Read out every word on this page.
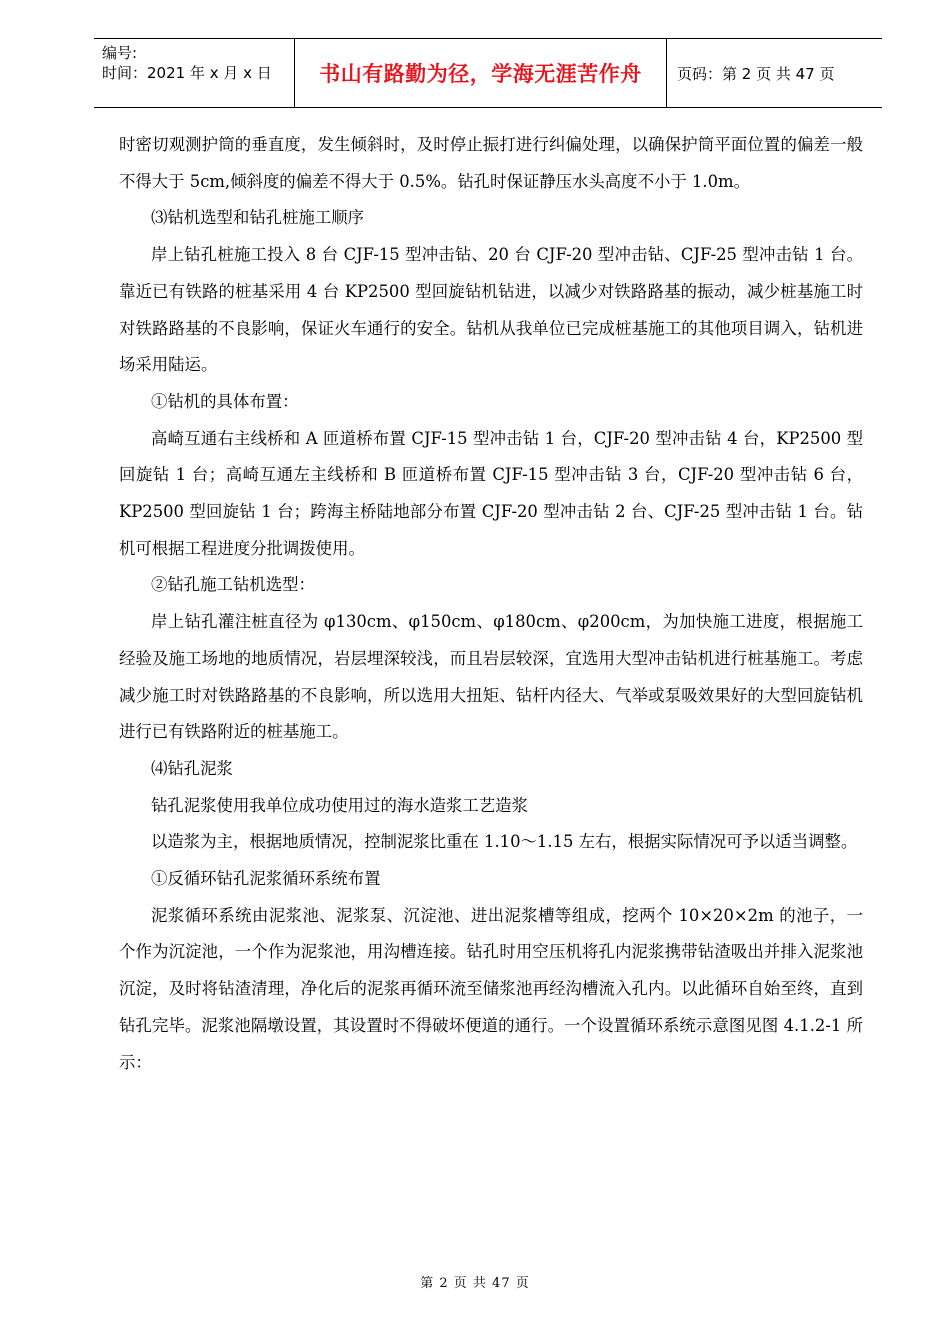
编号:
时间：2021 年 x 月 x 日	书山有路勤为径，学海无涯苦作舟	页码：第 2 页 共 47 页

时密切观测护筒的垂直度，发生倾斜时，及时停止振打进行纠偏处理，以确保护筒平面位置的偏差一般不得大于 5cm,倾斜度的偏差不得大于 0.5%。钻孔时保证静压水头高度不小于 1.0m。

⑶钻机选型和钻孔桩施工顺序

岸上钻孔桩施工投入 8 台 CJF-15 型冲击钻、20 台 CJF-20 型冲击钻、CJF-25 型冲击钻 1 台。靠近已有铁路的桩基采用 4 台 KP2500 型回旋钻机钻进，以减少对铁路路基的振动，减少桩基施工时对铁路路基的不良影响，保证火车通行的安全。钻机从我单位已完成桩基施工的其他项目调入，钻机进场采用陆运。

①钻机的具体布置：

高崎互通右主线桥和 A 匝道桥布置 CJF-15 型冲击钻 1 台，CJF-20 型冲击钻 4 台，KP2500 型回旋钻 1 台；高崎互通左主线桥和 B 匝道桥布置 CJF-15 型冲击钻 3 台，CJF-20 型冲击钻 6 台，KP2500 型回旋钻 1 台；跨海主桥陆地部分布置 CJF-20 型冲击钻 2 台、CJF-25 型冲击钻 1 台。钻机可根据工程进度分批调拨使用。

②钻孔施工钻机选型：

岸上钻孔灌注桩直径为 φ130cm、φ150cm、φ180cm、φ200cm，为加快施工进度，根据施工经验及施工场地的地质情况，岩层埋深较浅，而且岩层较深，宜选用大型冲击钻机进行桩基施工。考虑减少施工时对铁路路基的不良影响，所以选用大扭矩、钻杆内径大、气举或泵吸效果好的大型回旋钻机进行已有铁路附近的桩基施工。

⑷钻孔泥浆

钻孔泥浆使用我单位成功使用过的海水造浆工艺造浆

以造浆为主，根据地质情况，控制泥浆比重在 1.10～1.15 左右，根据实际情况可予以适当调整。

①反循环钻孔泥浆循环系统布置

泥浆循环系统由泥浆池、泥浆泵、沉淀池、进出泥浆槽等组成，挖两个 10×20×2m 的池子，一个作为沉淀池，一个作为泥浆池，用沟槽连接。钻孔时用空压机将孔内泥浆携带钻渣吸出并排入泥浆池沉淀，及时将钻渣清理，净化后的泥浆再循环流至储浆池再经沟槽流入孔内。以此循环自始至终，直到钻孔完毕。泥浆池隔墩设置，其设置时不得破坏便道的通行。一个设置循环系统示意图见图 4.1.2-1 所示：

第 2 页 共 47 页
